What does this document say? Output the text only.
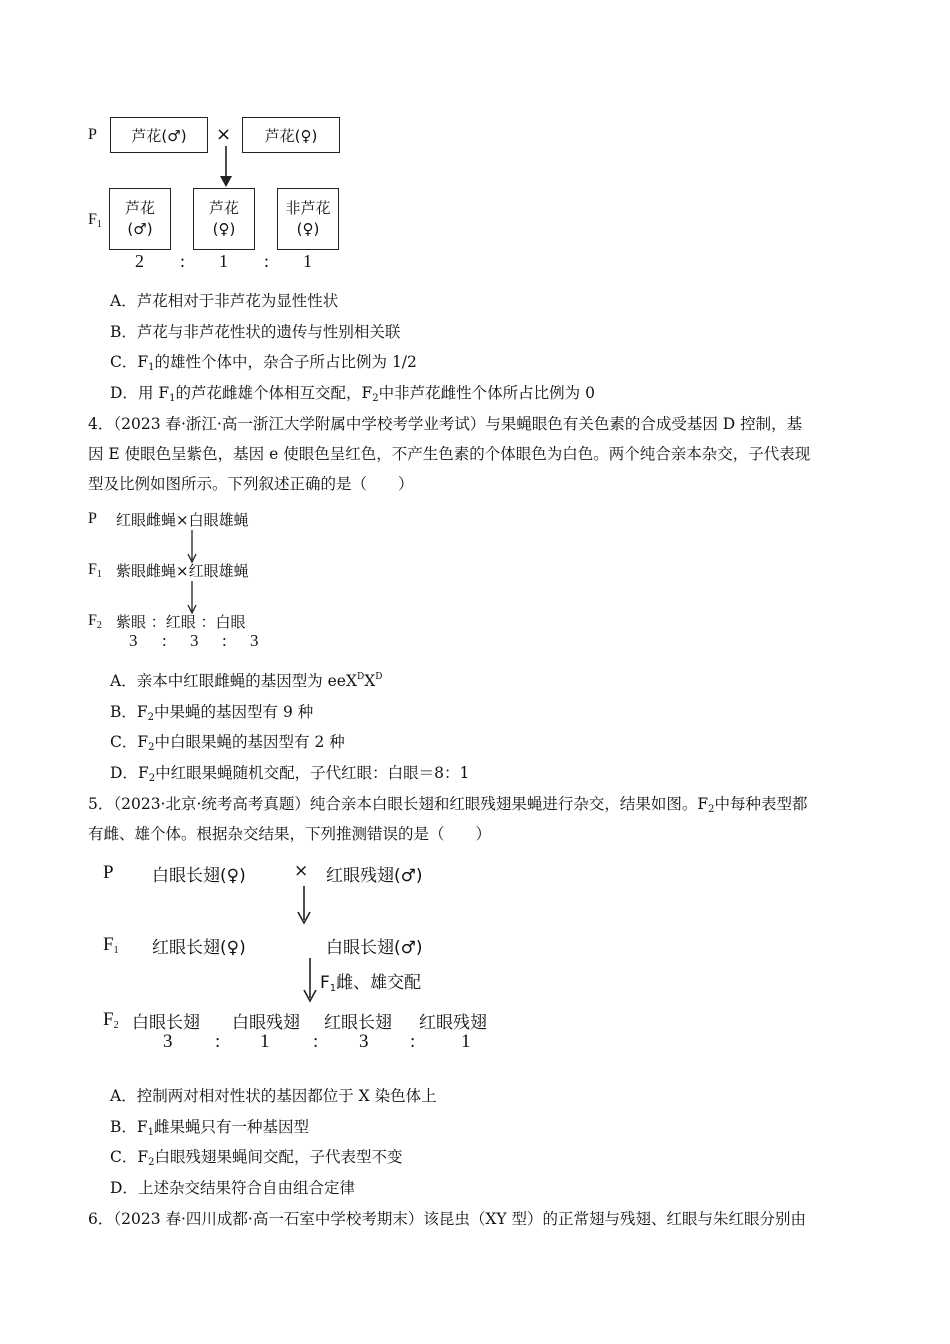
P 芦花(♂) × 芦花(♀)
$F_1$
芦花
(♂)
芦花
(♀)
非芦花
(♀)
2 : 1 : 1
A．芦花相对于非芦花为显性性状
B．芦花与非芦花性状的遗传与性别相关联
C．$F_1$的雄性个体中，杂合子所占比例为 1/2
D．用 $F_1$的芦花雌雄个体相互交配，$F_2$中非芦花雌性个体所占比例为 0
4．（2023 春·浙江·高一浙江大学附属中学校考学业考试）与果蝇眼色有关色素的合成受基因 D 控制，基
因 E 使眼色呈紫色，基因 e 使眼色呈红色，不产生色素的个体眼色为白色。两个纯合亲本杂交，子代表现
型及比例如图所示。下列叙述正确的是（　　）
P 红眼雌蝇×白眼雄蝇
$F_1$ 紫眼雌蝇×红眼雄蝇
$F_2$ 紫眼 ：红眼 ：白眼
3 : 3 : 3
A．亲本中红眼雌蝇的基因型为 $eeX^DX^D$
B．$F_2$中果蝇的基因型有 9 种
C．$F_2$中白眼果蝇的基因型有 2 种
D．$F_2$中红眼果蝇随机交配，子代红眼：白眼＝8：1
5．（2023·北京·统考高考真题）纯合亲本白眼长翅和红眼残翅果蝇进行杂交，结果如图。$F_2$中每种表型都
有雌、雄个体。根据杂交结果，下列推测错误的是（　　）
P 白眼长翅(♀)	× 红眼残翅(♂)
$F_1$ 红眼长翅(♀)	白眼长翅(♂)
$F_1$雌、雄交配
$F_2$ 白眼长翅 白眼残翅 红眼长翅 红眼残翅
3 : 1 : 3 : 1
A．控制两对相对性状的基因都位于 X 染色体上
B．$F_1$雌果蝇只有一种基因型
C．$F_2$白眼残翅果蝇间交配，子代表型不变
D．上述杂交结果符合自由组合定律
6．（2023 春·四川成都·高一石室中学校考期末）该昆虫（XY 型）的正常翅与残翅、红眼与朱红眼分别由
